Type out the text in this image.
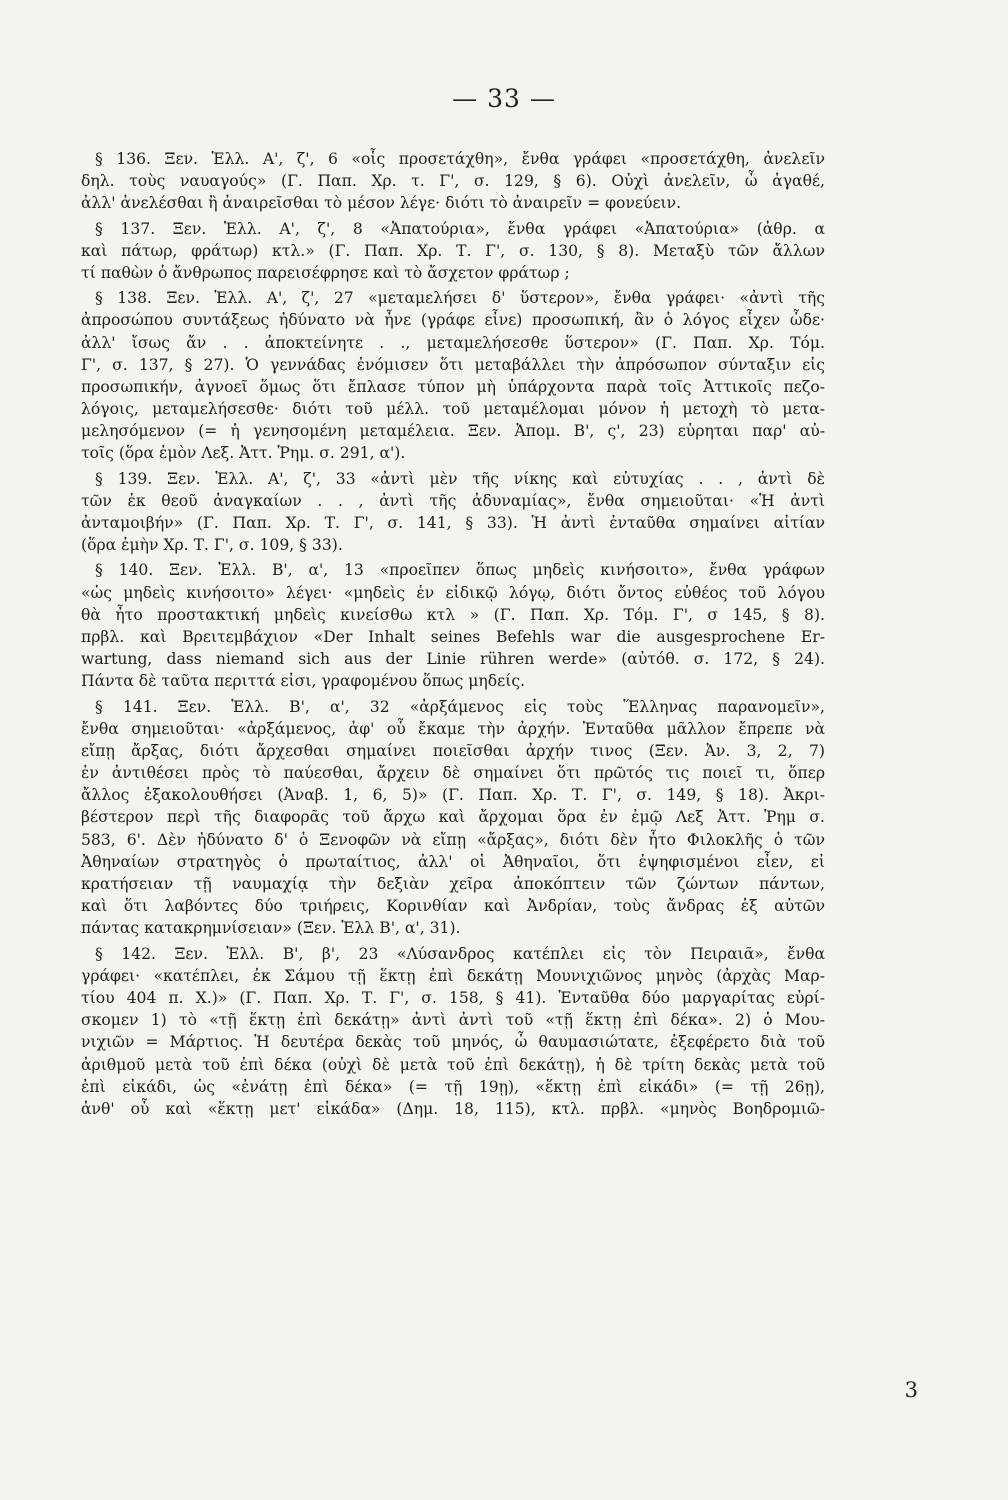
— 33 —
§ 136. Ξεν. Ἑλλ. Α', ζ', 6 «οἷς προσετάχθη», ἔνθα γράφει «προσετάχθη, ἀνελεῖν
δηλ. τοὺς ναυαγούς» (Γ. Παπ. Χρ. τ. Γ', σ. 129, § 6). Οὐχὶ ἀνελεῖν, ὦ ἀγαθέ,
ἀλλ' ἀνελέσθαι ἢ ἀναιρεῖσθαι τὸ μέσον λέγε· διότι τὸ ἀναιρεῖν = φονεύειν.
§ 137. Ξεν. Ἑλλ. Α', ζ', 8 «Ἀπατούρια», ἔνθα γράφει «Ἀπατούρια» (ἀθρ. α
καὶ πάτωρ, φράτωρ) κτλ.» (Γ. Παπ. Χρ. Τ. Γ', σ. 130, § 8). Μεταξὺ τῶν ἄλλων
τί παθὼν ὁ ἄνθρωπος παρεισέφρησε καὶ τὸ ἄσχετον φράτωρ ;
§ 138. Ξεν. Ἑλλ. Α', ζ', 27 «μεταμελήσει δ' ὕστερον», ἔνθα γράφει· «ἀντὶ τῆς
ἀπροσώπου συντάξεως ἠδύνατο νὰ ἦνε (γράφε εἶνε) προσωπική, ἂν ὁ λόγος εἶχεν ὧδε·
ἀλλ' ἴσως ἄν . . ἀποκτείνητε . ., μεταμελήσεσθε ὕστερον» (Γ. Παπ. Χρ. Τόμ.
Γ', σ. 137, § 27). Ὁ γεννάδας ἐνόμισεν ὅτι μεταβάλλει τὴν ἀπρόσωπον σύνταξιν εἰς
προσωπικήν, ἀγνοεῖ ὅμως ὅτι ἔπλασε τύπον μὴ ὑπάρχοντα παρὰ τοῖς Ἀττικοῖς πεζο-
λόγοις, μεταμελήσεσθε· διότι τοῦ μέλλ. τοῦ μεταμέλομαι μόνον ἡ μετοχὴ τὸ μετα-
μελησόμενον (= ἡ γενησομένη μεταμέλεια. Ξεν. Ἀπομ. Β', ς', 23) εὑρηται παρ' αὐ-
τοῖς (ὅρα ἐμὸν Λεξ. Ἀττ. Ῥημ. σ. 291, α').
§ 139. Ξεν. Ἑλλ. Α', ζ', 33 «ἀντὶ μὲν τῆς νίκης καὶ εὐτυχίας . . , ἀντὶ δὲ
τῶν ἐκ θεοῦ ἀναγκαίων . . , ἀντὶ τῆς ἀδυναμίας», ἔνθα σημειοῦται· «Ἡ ἀντὶ
ἀνταμοιβήν» (Γ. Παπ. Χρ. Τ. Γ', σ. 141, § 33). Ἡ ἀντὶ ἐνταῦθα σημαίνει αἰτίαν
(ὅρα ἐμὴν Χρ. Τ. Γ', σ. 109, § 33).
§ 140. Ξεν. Ἑλλ. Β', α', 13 «προεῖπεν ὅπως μηδεὶς κινήσοιτο», ἔνθα γράφων
«ὡς μηδεὶς κινήσοιτο» λέγει· «μηδεὶς ἐν εἰδικῷ λόγῳ, διότι ὄντος εὐθέος τοῦ λόγου
θὰ ἦτο προστακτική μηδεὶς κινείσθω κτλ » (Γ. Παπ. Χρ. Τόμ. Γ', σ 145, § 8).
πρβλ. καὶ Βρειτεμβάχιον «Der Inhalt seines Befehls war die ausgesprochene Er-
wartung, dass niemand sich aus der Linie rühren werde» (αὐτόθ. σ. 172, § 24).
Πάντα δὲ ταῦτα περιττά εἰσι, γραφομένου ὅπως μηδείς.
§ 141. Ξεν. Ἑλλ. Β', α', 32 «ἀρξάμενος εἰς τοὺς Ἕλληνας παρανομεῖν»,
ἔνθα σημειοῦται· «ἀρξάμενος, ἀφ' οὗ ἔκαμε τὴν ἀρχήν. Ἐνταῦθα μᾶλλον ἔπρεπε νὰ
εἴπῃ ἄρξας, διότι ἄρχεσθαι σημαίνει ποιεῖσθαι ἀρχήν τινος (Ξεν. Ἀν. 3, 2, 7)
ἐν ἀντιθέσει πρὸς τὸ παύεσθαι, ἄρχειν δὲ σημαίνει ὅτι πρῶτός τις ποιεῖ τι, ὅπερ
ἄλλος ἐξακολουθήσει (Ἀναβ. 1, 6, 5)» (Γ. Παπ. Χρ. Τ. Γ', σ. 149, § 18). Ἀκρι-
βέστερον περὶ τῆς διαφορᾶς τοῦ ἄρχω καὶ ἄρχομαι ὅρα ἐν ἐμῷ Λεξ Ἀττ. Ῥημ σ.
583, 6'. Δὲν ἠδύνατο δ' ὁ Ξενοφῶν νὰ εἴπῃ «ἄρξας», διότι δὲν ἦτο Φιλοκλῆς ὁ τῶν
Ἀθηναίων στρατηγὸς ὁ πρωταίτιος, ἀλλ' οἱ Ἀθηναῖοι, ὅτι ἐψηφισμένοι εἶεν, εἰ
κρατήσειαν τῇ ναυμαχίᾳ τὴν δεξιὰν χεῖρα ἀποκόπτειν τῶν ζώντων πάντων,
καὶ ὅτι λαβόντες δύο τριήρεις, Κορινθίαν καὶ Ἀνδρίαν, τοὺς ἄνδρας ἐξ αὐτῶν
πάντας κατακρημνίσειαν» (Ξεν. Ἑλλ Β', α', 31).
§ 142. Ξεν. Ἑλλ. Β', β', 23 «Λύσανδρος κατέπλει εἰς τὸν Πειραιᾶ», ἔνθα
γράφει· «κατέπλει, ἐκ Σάμου τῇ ἕκτῃ ἐπὶ δεκάτῃ Μουνιχιῶνος μηνὸς (ἀρχὰς Μαρ-
τίου 404 π. Χ.)» (Γ. Παπ. Χρ. Τ. Γ', σ. 158, § 41). Ἐνταῦθα δύο μαργαρίτας εὑρί-
σκομεν 1) τὸ «τῇ ἕκτῃ ἐπὶ δεκάτῃ» ἀντὶ ἀντὶ τοῦ «τῇ ἕκτῃ ἐπὶ δέκα». 2) ὁ Μου-
νιχιῶν = Μάρτιος. Ἡ δευτέρα δεκὰς τοῦ μηνός, ὦ θαυμασιώτατε, ἐξεφέρετο διὰ τοῦ
ἀριθμοῦ μετὰ τοῦ ἐπὶ δέκα (οὐχὶ δὲ μετὰ τοῦ ἐπὶ δεκάτῃ), ἡ δὲ τρίτη δεκὰς μετὰ τοῦ
ἐπὶ εἰκάδι, ὡς «ἐνάτῃ ἐπὶ δέκα» (= τῇ 19ῃ), «ἕκτῃ ἐπὶ εἰκάδι» (= τῇ 26ῃ),
ἀνθ' οὗ καὶ «ἕκτῃ μετ' εἰκάδα» (Δημ. 18, 115), κτλ. πρβλ. «μηνὸς Βοηδρομιῶ-
3
